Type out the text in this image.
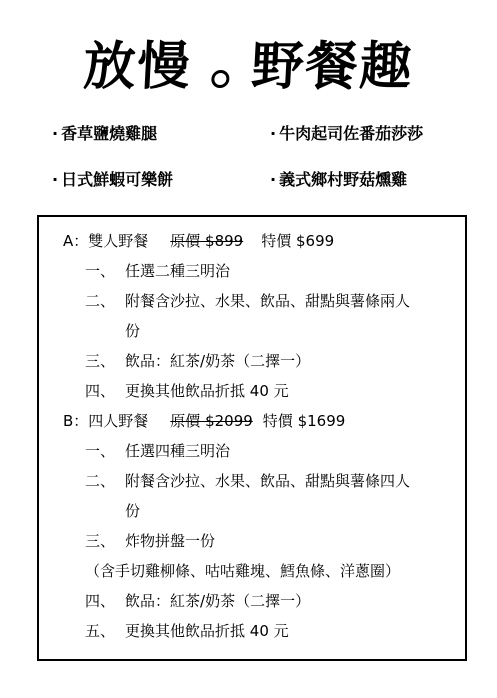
放慢 野餐趣
· 香草鹽燒雞腿	· 牛肉起司佐番茄莎莎
· 日式鮮蝦可樂餅	· 義式鄉村野菇燻雞
A：雙人野餐 原價 $899 特價 $699
一、 任選二種三明治
二、 附餐含沙拉、水果、飲品、甜點與薯條兩人
份
三、 飲品：紅茶/奶茶（二擇一）
四、 更換其他飲品折抵 40 元
B：四人野餐 原價 $2099 特價 $1699
一、 任選四種三明治
二、 附餐含沙拉、水果、飲品、甜點與薯條四人
份
三、 炸物拼盤一份
（含手切雞柳條、咕咕雞塊、鱈魚條、洋蔥圈）
四、 飲品：紅茶/奶茶（二擇一）
五、 更換其他飲品折抵 40 元
